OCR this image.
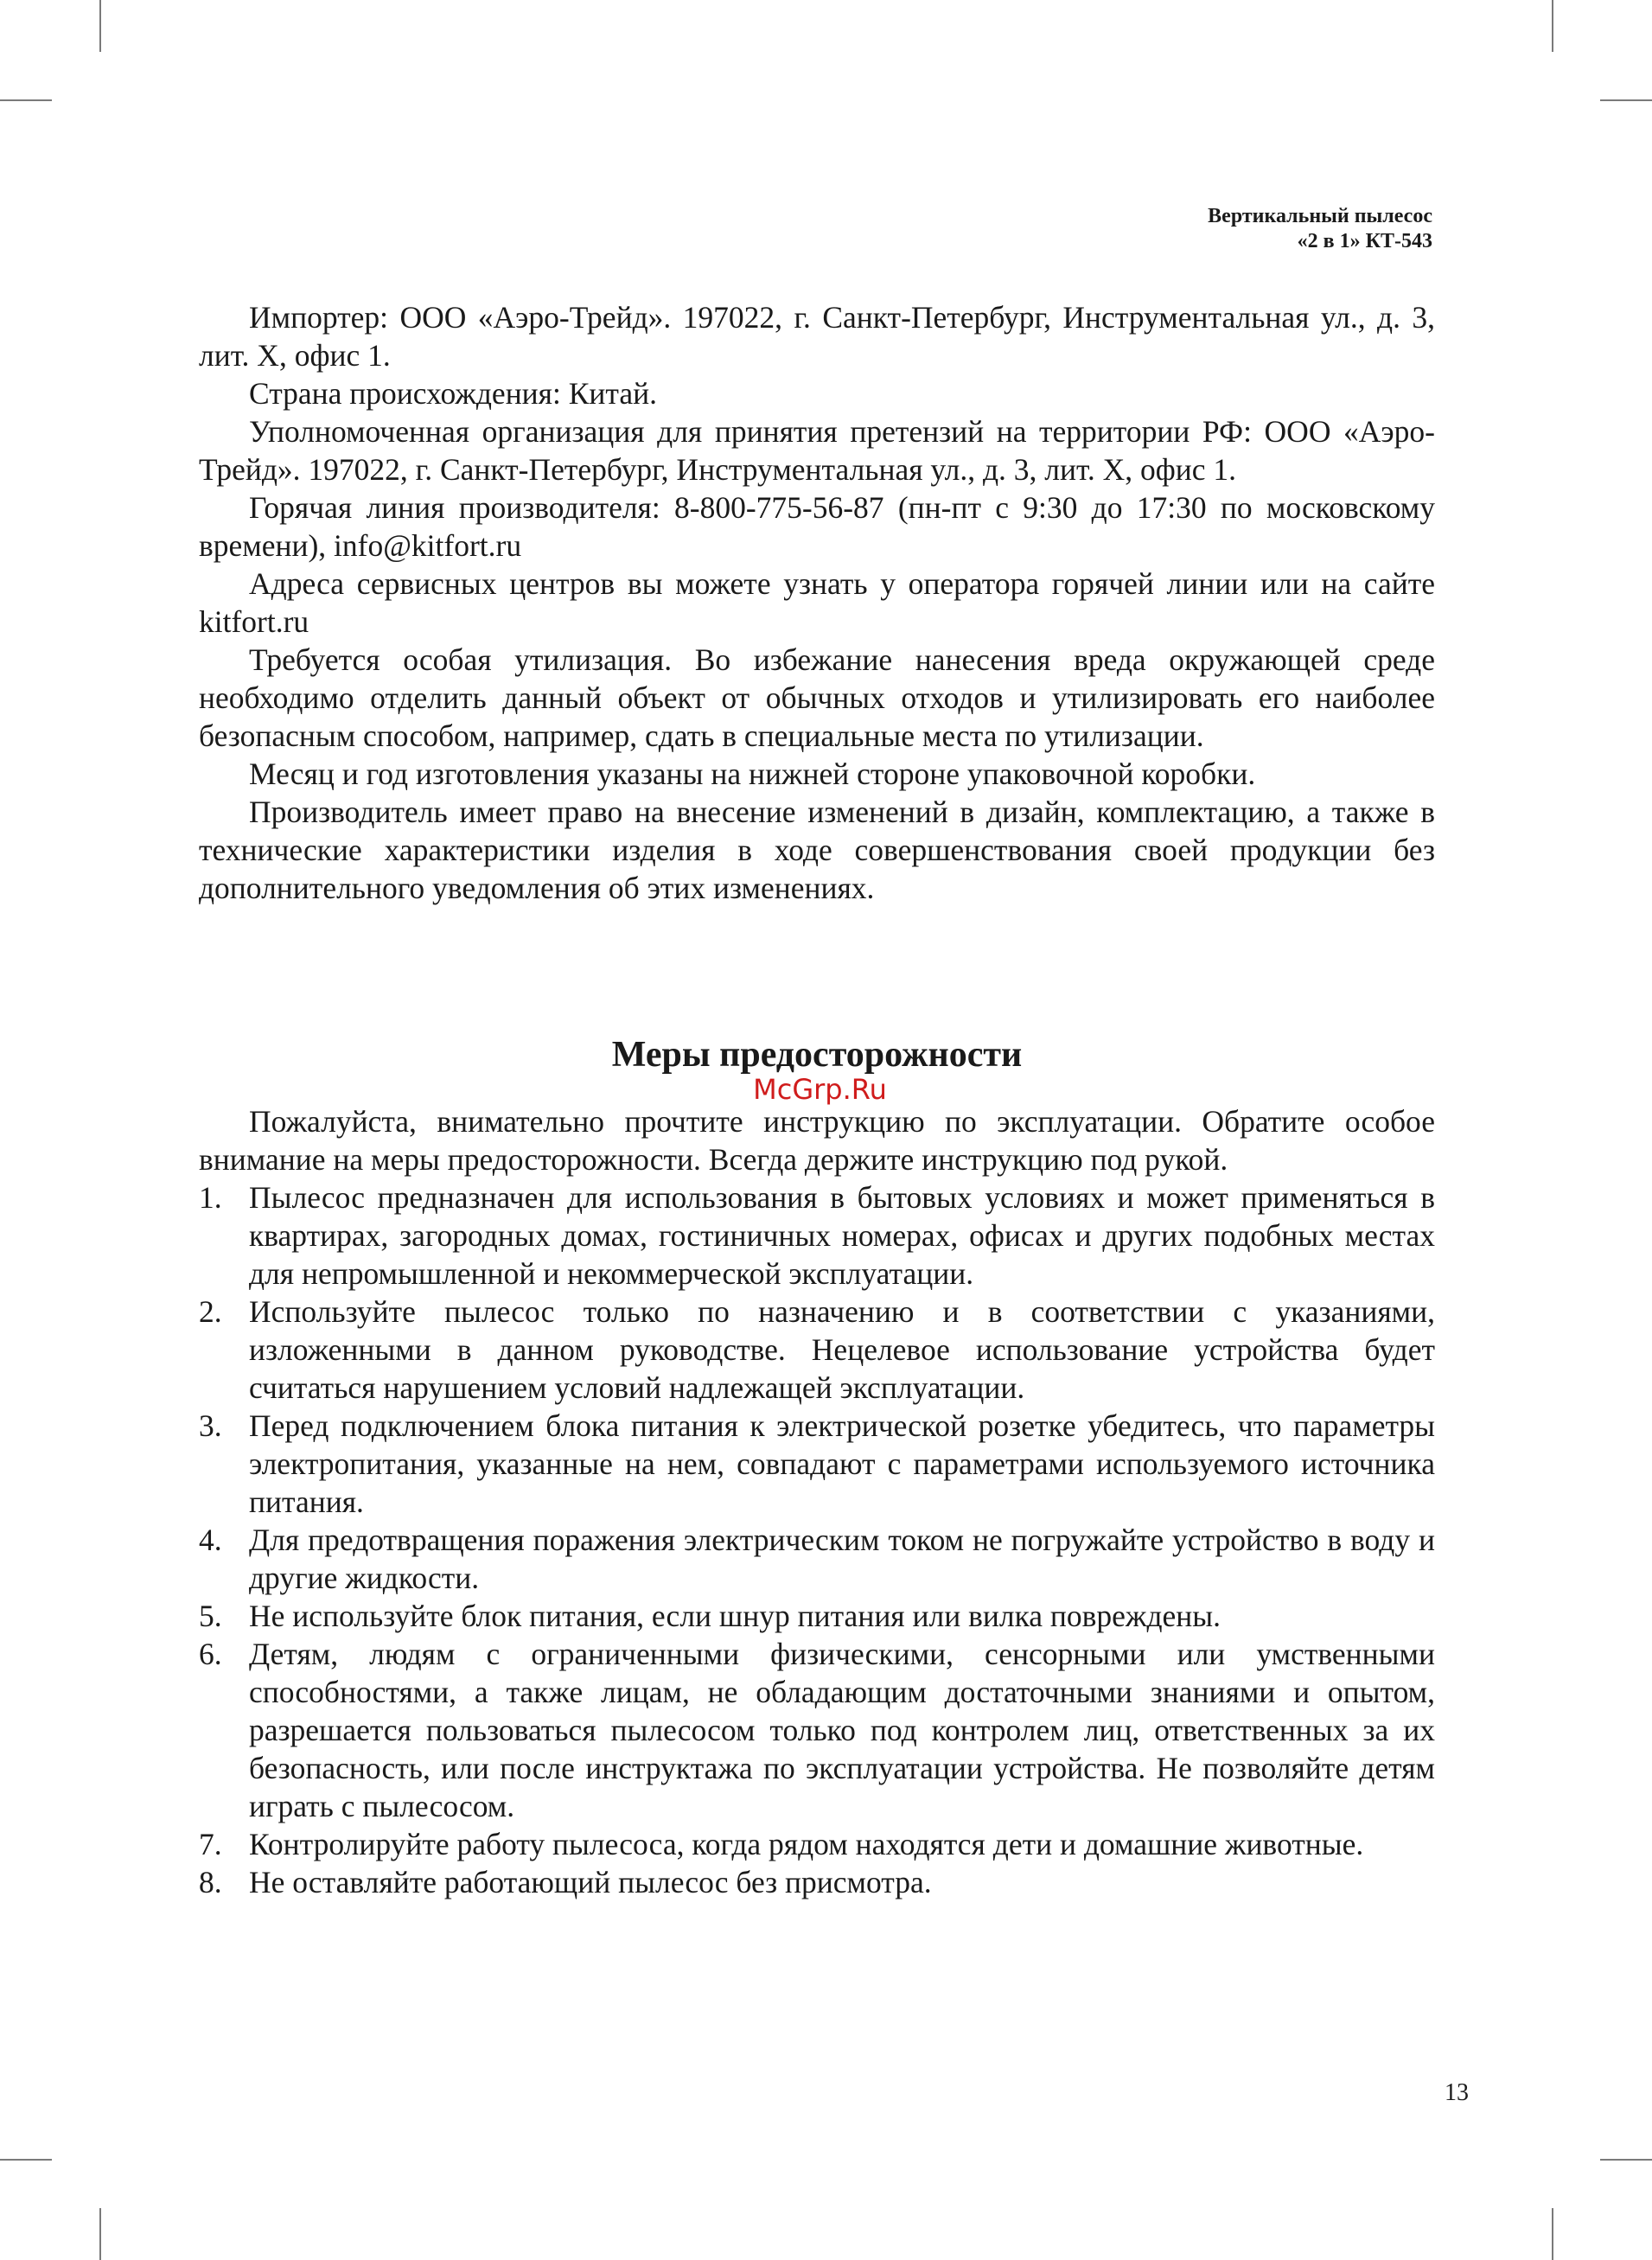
Вертикальный пылесос
«2 в 1» КТ-543

Импортер: ООО «Аэро-Трейд». 197022, г. Санкт-Петербург, Инструментальная ул., д. 3, лит. Х, офис 1.

Страна происхождения: Китай.

Уполномоченная организация для принятия претензий на территории РФ: ООО «Аэро-Трейд». 197022, г. Санкт-Петербург, Инструментальная ул., д. 3, лит. Х, офис 1.

Горячая линия производителя: 8-800-775-56-87 (пн-пт с 9:30 до 17:30 по московскому времени), info@kitfort.ru

Адреса сервисных центров вы можете узнать у оператора горячей линии или на сайте kitfort.ru

Требуется особая утилизация. Во избежание нанесения вреда окружающей среде необходимо отделить данный объект от обычных отходов и утилизировать его наиболее безопасным способом, например, сдать в специальные места по утилизации.

Месяц и год изготовления указаны на нижней стороне упаковочной коробки.

Производитель имеет право на внесение изменений в дизайн, комплектацию, а также в технические характеристики изделия в ходе совершенствования своей продукции без дополнительного уведомления об этих изменениях.

Меры предосторожности
McGrp.Ru

Пожалуйста, внимательно прочтите инструкцию по эксплуатации. Обратите особое внимание на меры предосторожности. Всегда держите инструкцию под рукой.

1. Пылесос предназначен для использования в бытовых условиях и может применяться в квартирах, загородных домах, гостиничных номерах, офисах и других подобных местах для непромышленной и некоммерческой эксплуатации.
2. Используйте пылесос только по назначению и в соответствии с указаниями, изложенными в данном руководстве. Нецелевое использование устройства будет считаться нарушением условий надлежащей эксплуатации.
3. Перед подключением блока питания к электрической розетке убедитесь, что параметры электропитания, указанные на нем, совпадают с параметрами используемого источника питания.
4. Для предотвращения поражения электрическим током не погружайте устройство в воду и другие жидкости.
5. Не используйте блок питания, если шнур питания или вилка повреждены.
6. Детям, людям с ограниченными физическими, сенсорными или умственными способностями, а также лицам, не обладающим достаточными знаниями и опытом, разрешается пользоваться пылесосом только под контролем лиц, ответственных за их безопасность, или после инструктажа по эксплуатации устройства. Не позволяйте детям играть с пылесосом.
7. Контролируйте работу пылесоса, когда рядом находятся дети и домашние животные.
8. Не оставляйте работающий пылесос без присмотра.
13
